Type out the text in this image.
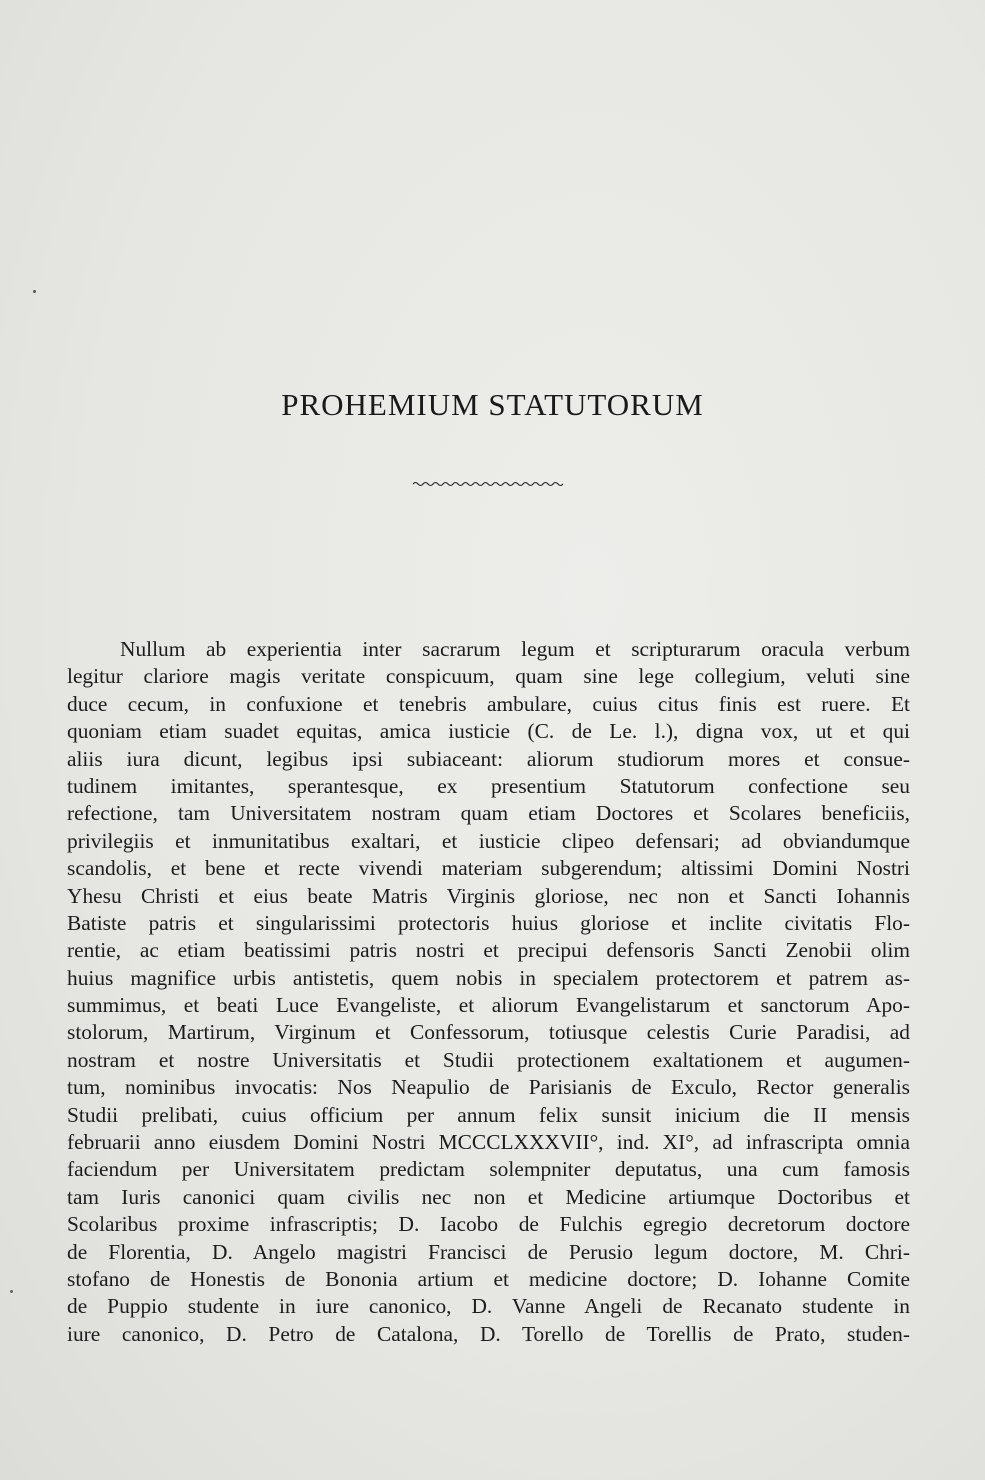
PROHEMIUM STATUTORUM
Nullum ab experientia inter sacrarum legum et scripturarum oracula verbum
legitur clariore magis veritate conspicuum, quam sine lege collegium, veluti sine
duce cecum, in confuxione et tenebris ambulare, cuius citus finis est ruere. Et
quoniam etiam suadet equitas, amica iusticie (C. de Le. l.), digna vox, ut et qui
aliis iura dicunt, legibus ipsi subiaceant: aliorum studiorum mores et consue-
tudinem imitantes, sperantesque, ex presentium Statutorum confectione seu
refectione, tam Universitatem nostram quam etiam Doctores et Scolares beneficiis,
privilegiis et inmunitatibus exaltari, et iusticie clipeo defensari; ad obviandumque
scandolis, et bene et recte vivendi materiam subgerendum; altissimi Domini Nostri
Yhesu Christi et eius beate Matris Virginis gloriose, nec non et Sancti Iohannis
Batiste patris et singularissimi protectoris huius gloriose et inclite civitatis Flo-
rentie, ac etiam beatissimi patris nostri et precipui defensoris Sancti Zenobii olim
huius magnifice urbis antistetis, quem nobis in specialem protectorem et patrem as-
summimus, et beati Luce Evangeliste, et aliorum Evangelistarum et sanctorum Apo-
stolorum, Martirum, Virginum et Confessorum, totiusque celestis Curie Paradisi, ad
nostram et nostre Universitatis et Studii protectionem exaltationem et augumen-
tum, nominibus invocatis: Nos Neapulio de Parisianis de Exculo, Rector generalis
Studii prelibati, cuius officium per annum felix sunsit inicium die II mensis
februarii anno eiusdem Domini Nostri MCCCLXXXVII°, ind. XI°, ad infrascripta omnia
faciendum per Universitatem predictam solempniter deputatus, una cum famosis
tam Iuris canonici quam civilis nec non et Medicine artiumque Doctoribus et
Scolaribus proxime infrascriptis; D. Iacobo de Fulchis egregio decretorum doctore
de Florentia, D. Angelo magistri Francisci de Perusio legum doctore, M. Chri-
stofano de Honestis de Bononia artium et medicine doctore; D. Iohanne Comite
de Puppio studente in iure canonico, D. Vanne Angeli de Recanato studente in
iure canonico, D. Petro de Catalona, D. Torello de Torellis de Prato, studen-
